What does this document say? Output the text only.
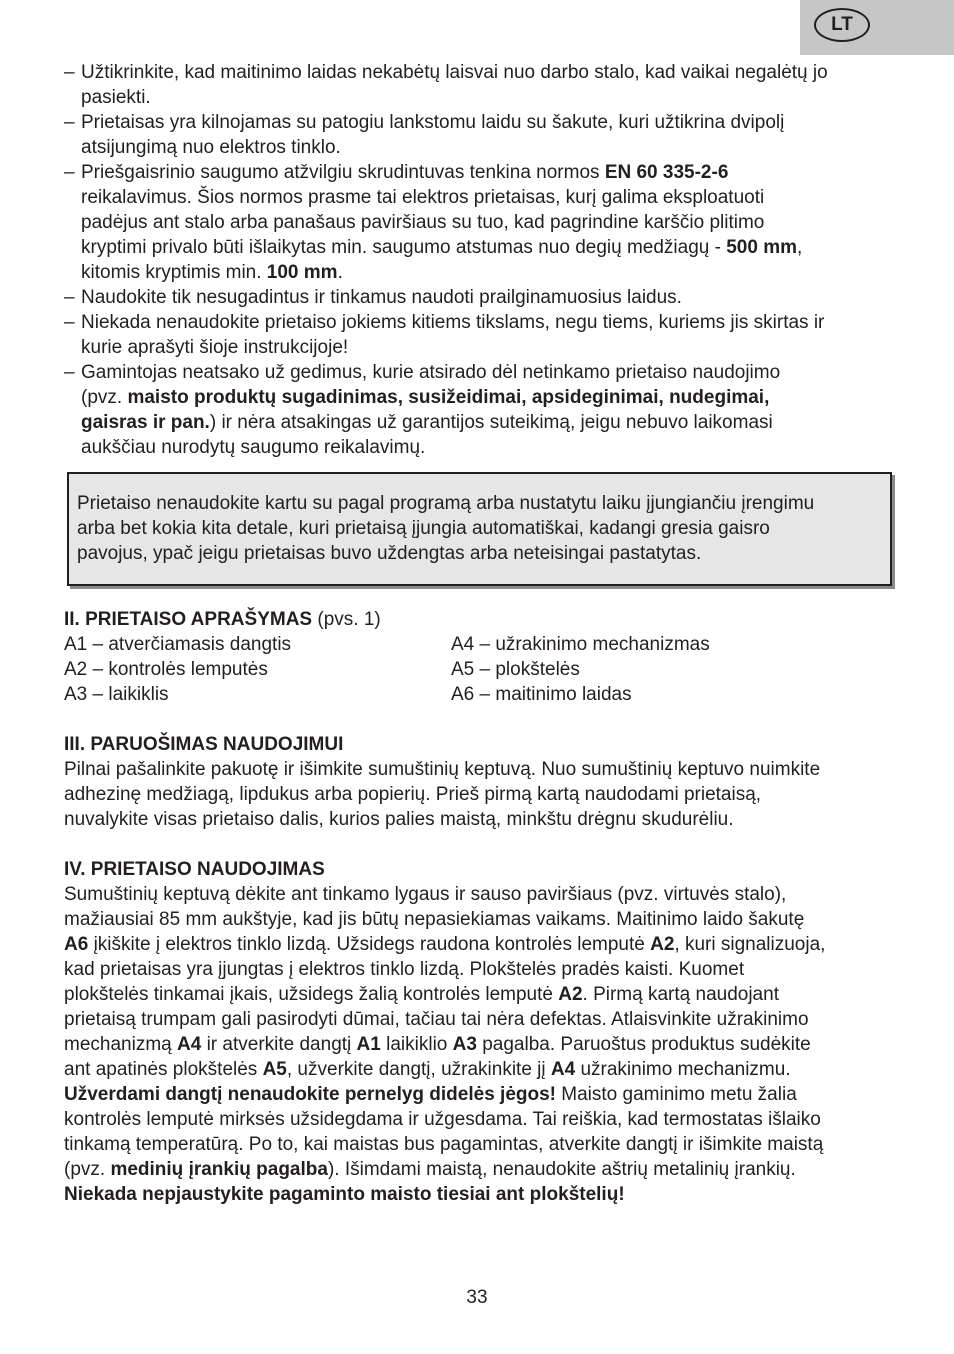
LT
– Užtikrinkite, kad maitinimo laidas nekabėtų laisvai nuo darbo stalo, kad vaikai negalėtų jo
pasiekti.
– Prietaisas yra kilnojamas su patogiu lankstomu laidu su šakute, kuri užtikrina dvipolį
atsijungimą nuo elektros tinklo.
– Priešgaisrinio saugumo atžvilgiu skrudintuvas tenkina normos EN 60 335-2-6
reikalavimus. Šios normos prasme tai elektros prietaisas, kurį galima eksploatuoti
padėjus ant stalo arba panašaus paviršiaus su tuo, kad pagrindine karščio plitimo
kryptimi privalo būti išlaikytas min. saugumo atstumas nuo degių medžiagų - 500 mm,
kitomis kryptimis min. 100 mm.
– Naudokite tik nesugadintus ir tinkamus naudoti prailginamuosius laidus.
– Niekada nenaudokite prietaiso jokiems kitiems tikslams, negu tiems, kuriems jis skirtas ir
kurie aprašyti šioje instrukcijoje!
– Gamintojas neatsako už gedimus, kurie atsirado dėl netinkamo prietaiso naudojimo
(pvz. maisto produktų sugadinimas, susižeidimai, apsideginimai, nudegimai,
gaisras ir pan.) ir nėra atsakingas už garantijos suteikimą, jeigu nebuvo laikomasi
aukščiau nurodytų saugumo reikalavimų.
Prietaiso nenaudokite kartu su pagal programą arba nustatytu laiku įjungiančiu įrengimu
arba bet kokia kita detale, kuri prietaisą įjungia automatiškai, kadangi gresia gaisro
pavojus, ypač jeigu prietaisas buvo uždengtas arba neteisingai pastatytas.

II. PRIETAISO APRAŠYMAS (pvs. 1)

A1 – atverčiamasis dangtis
A2 – kontrolės lemputės
A3 – laikiklis
A4 – užrakinimo mechanizmas
A5 – plokštelės
A6 – maitinimo laidas

III. PARUOŠIMAS NAUDOJIMUI

Pilnai pašalinkite pakuotę ir išimkite sumuštinių keptuvą. Nuo sumuštinių keptuvo nuimkite
adhezinę medžiagą, lipdukus arba popierių. Prieš pirmą kartą naudodami prietaisą,
nuvalykite visas prietaiso dalis, kurios palies maistą, minkštu drėgnu skudurėliu.

IV. PRIETAISO NAUDOJIMAS

Sumuštinių keptuvą dėkite ant tinkamo lygaus ir sauso paviršiaus (pvz. virtuvės stalo),
mažiausiai 85 mm aukštyje, kad jis būtų nepasiekiamas vaikams. Maitinimo laido šakutę
A6 įkiškite į elektros tinklo lizdą. Užsidegs raudona kontrolės lemputė A2, kuri signalizuoja,
kad prietaisas yra įjungtas į elektros tinklo lizdą. Plokštelės pradės kaisti. Kuomet
plokštelės tinkamai įkais, užsidegs žalią kontrolės lemputė A2. Pirmą kartą naudojant
prietaisą trumpam gali pasirodyti dūmai, tačiau tai nėra defektas. Atlaisvinkite užrakinimo
mechanizmą A4 ir atverkite dangtį A1 laikiklio A3 pagalba. Paruoštus produktus sudėkite
ant apatinės plokštelės A5, užverkite dangtį, užrakinkite jį A4 užrakinimo mechanizmu.
Užverdami dangtį nenaudokite pernelyg didelės jėgos! Maisto gaminimo metu žalia
kontrolės lemputė mirksės užsidegdama ir užgesdama. Tai reiškia, kad termostatas išlaiko
tinkamą temperatūrą. Po to, kai maistas bus pagamintas, atverkite dangtį ir išimkite maistą
(pvz. medinių įrankių pagalba). Išimdami maistą, nenaudokite aštrių metalinių įrankių.
Niekada nepjaustykite pagaminto maisto tiesiai ant plokštelių!

33
